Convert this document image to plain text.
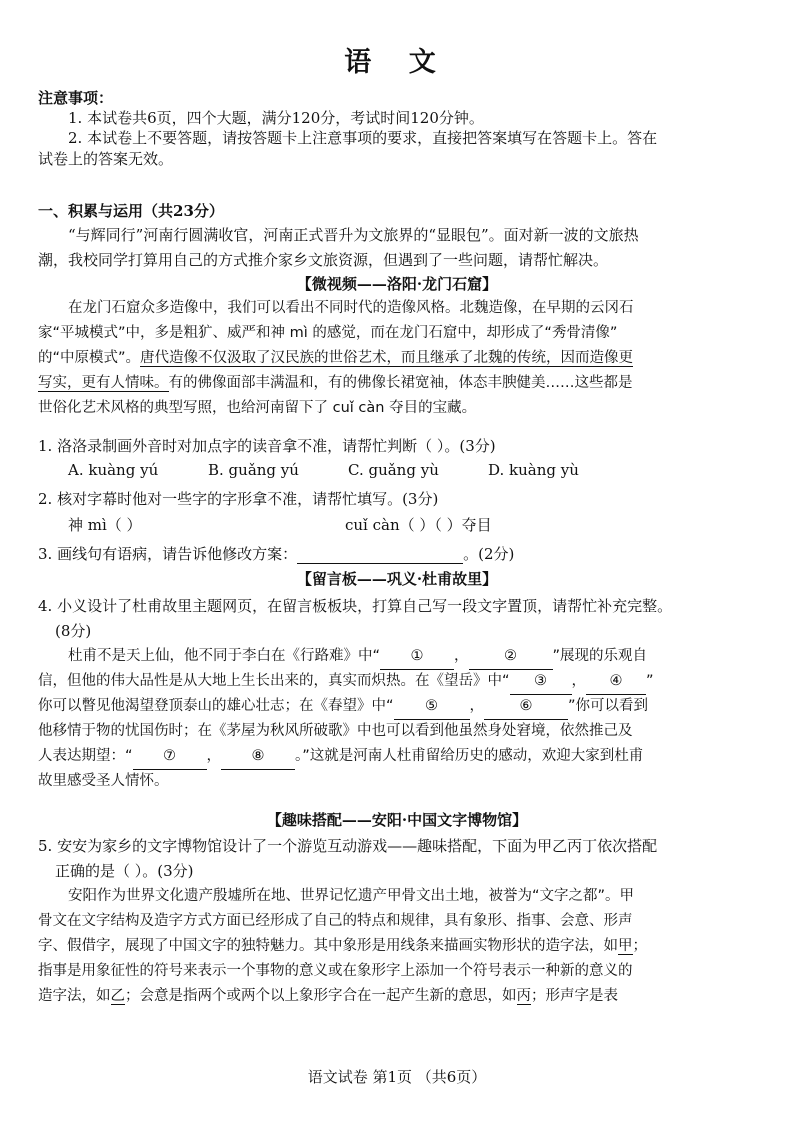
语 文
注意事项：
1. 本试卷共6页，四个大题，满分120分，考试时间120分钟。
2. 本试卷上不要答题，请按答题卡上注意事项的要求，直接把答案填写在答题卡上。答在
试卷上的答案无效。
一、积累与运用（共23分）
“与辉同行”河南行圆满收官，河南正式晋升为文旅界的“显眼包”。面对新一波的文旅热
潮，我校同学打算用自己的方式推介家乡文旅资源，但遇到了一些问题，请帮忙解决。
【微视频——洛阳·龙门石窟】
在龙门石窟众多造像中，我们可以看出不同时代的造像风格。北魏造像，在早期的云冈石
家“平城模式”中，多是粗犷、威严和神 mì 的感觉，而在龙门石窟中，却形成了“秀骨清像”
的“中原模式”。唐代造像不仅汲取了汉民族的世俗艺术，而且继承了北魏的传统，因而造像更
写实，更有人情味。有的佛像面部丰满温和，有的佛像长裙宽袖，体态丰腴健美……这些都是
世俗化艺术风格的典型写照，也给河南留下了 cuǐ càn 夺目的宝藏。
1. 洛洛录制画外音时对加点字的读音拿不准，请帮忙判断（ ）。(3分)
A. kuàng yú	B. guǎng yú	C. guǎng yù	D. kuàng yù
2. 核对字幕时他对一些字的字形拿不准，请帮忙填写。(3分)
神 mì（ ）	cuǐ càn（ ）（ ）夺目
3. 画线句有语病，请告诉他修改方案：	。(2分)
【留言板——巩义·杜甫故里】
4. 小义设计了杜甫故里主题网页，在留言板板块，打算自己写一段文字置顶，请帮忙补充完整。
(8分)
杜甫不是天上仙，他不同于李白在《行路难》中“ ① ， ② ”展现的乐观自
信，但他的伟大品性是从大地上生长出来的，真实而炽热。在《望岳》中“ ③ ， ④ ”
你可以瞥见他渴望登顶泰山的雄心壮志；在《春望》中“ ⑤ ， ⑥ ”你可以看到
他移情于物的忧国伤时；在《茅屋为秋风所破歌》中也可以看到他虽然身处窘境，依然推己及
人表达期望：“ ⑦ ， ⑧ 。”这就是河南人杜甫留给历史的感动，欢迎大家到杜甫
故里感受圣人情怀。
【趣味搭配——安阳·中国文字博物馆】
5. 安安为家乡的文字博物馆设计了一个游览互动游戏——趣味搭配，下面为甲乙丙丁依次搭配
正确的是（ ）。(3分)
安阳作为世界文化遗产殷墟所在地、世界记忆遗产甲骨文出土地，被誉为“文字之都”。甲
骨文在文字结构及造字方式方面已经形成了自己的特点和规律，具有象形、指事、会意、形声
字、假借字，展现了中国文字的独特魅力。其中象形是用线条来描画实物形状的造字法，如甲；
指事是用象征性的符号来表示一个事物的意义或在象形字上添加一个符号表示一种新的意义的
造字法，如乙；会意是指两个或两个以上象形字合在一起产生新的意思，如丙；形声字是表
语文试卷 第1页 （共6页）
